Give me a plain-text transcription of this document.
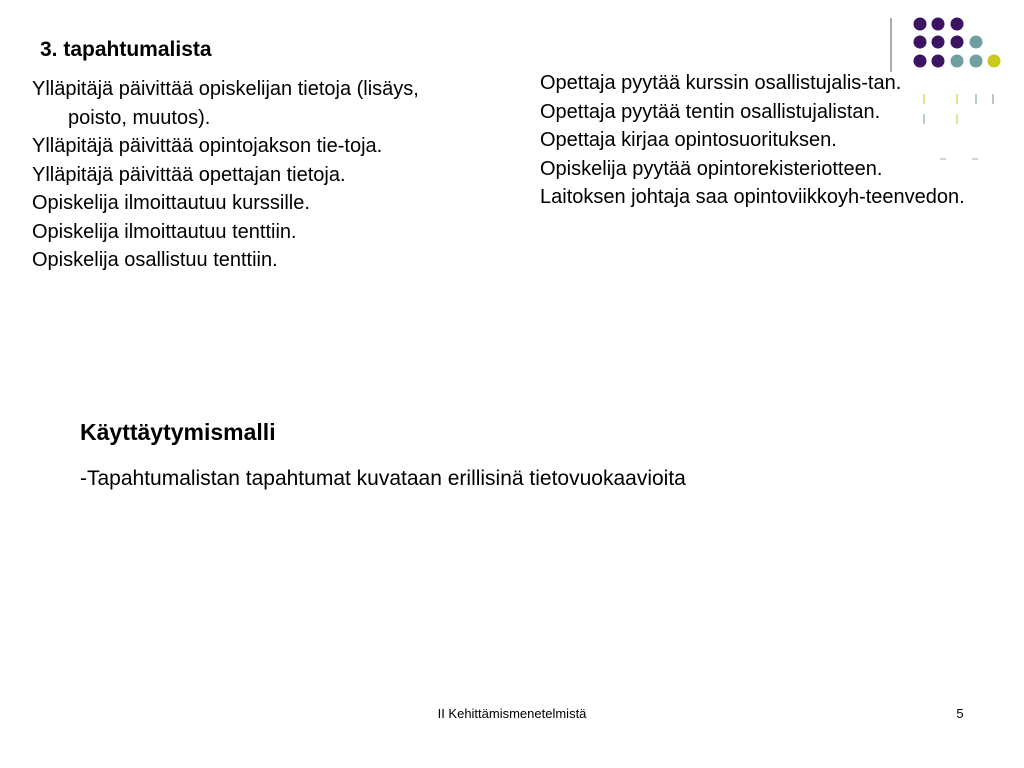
3. tapahtumalista
Ylläpitäjä päivittää opiskelijan tietoja (lisäys, poisto, muutos).
Ylläpitäjä päivittää opintojakson tie-toja.
Ylläpitäjä päivittää opettajan tietoja.
Opiskelija ilmoittautuu kurssille.
Opiskelija ilmoittautuu tenttiin.
Opiskelija osallistuu tenttiin.
Opettaja pyytää kurssin osallistujalis-tan.
Opettaja pyytää tentin osallistujalistan.
Opettaja kirjaa opintosuorituksen.
Opiskelija pyytää opintorekisteriotteen.
Laitoksen johtaja saa opintoviikkoyh-teenvedon.
Käyttäytymismalli

-Tapahtumalistan tapahtumat kuvataan erillisinä tietovuokaavioita

II Kehittämismenetelmistä	5
